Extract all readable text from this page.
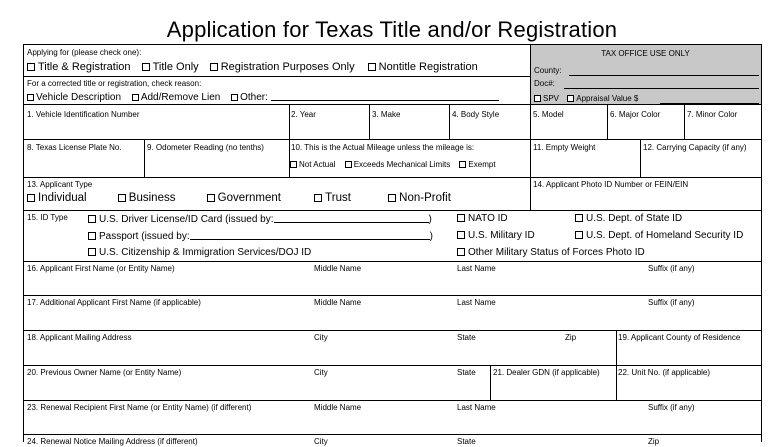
Application for Texas Title and/or Registration
Applying for (please check one):
Title & Registration Title Only Registration Purposes Only Nontitle Registration
For a corrected title or registration, check reason:
Vehicle Description Add/Remove Lien Other:
TAX OFFICE USE ONLY
County:
Doc#:
SPV Appraisal Value $
1. Vehicle Identification Number	2. Year	3. Make	4. Body Style	5. Model	6. Major Color	7. Minor Color
8. Texas License Plate No.	9. Odometer Reading (no tenths)	10. This is the Actual Mileage unless the mileage is:
Not Actual Exceeds Mechanical Limits Exempt
11. Empty Weight	12. Carrying Capacity (if any)
13. Applicant Type
Individual	Business	Government	Trust	Non-Profit
14. Applicant Photo ID Number or FEIN/EIN
15. ID Type	U.S. Driver License/ID Card (issued by:	)
Passport (issued by:	)
U.S. Citizenship & Immigration Services/DOJ ID
NATO ID
U.S. Military ID
Other Military Status of Forces Photo ID
U.S. Dept. of State ID
U.S. Dept. of Homeland Security ID
16. Applicant First Name (or Entity Name)	Middle Name	Last Name	Suffix (if any)
17. Additional Applicant First Name (if applicable)	Middle Name	Last Name	Suffix (if any)
18. Applicant Mailing Address	City	State	Zip	19. Applicant County of Residence
20. Previous Owner Name (or Entity Name)	City	State 21. Dealer GDN (if applicable) 22. Unit No. (if applicable)
23. Renewal Recipient First Name (or Entity Name) (if different)	Middle Name	Last Name	Suffix (if any)
24. Renewal Notice Mailing Address (if different)	City	State	Zip
